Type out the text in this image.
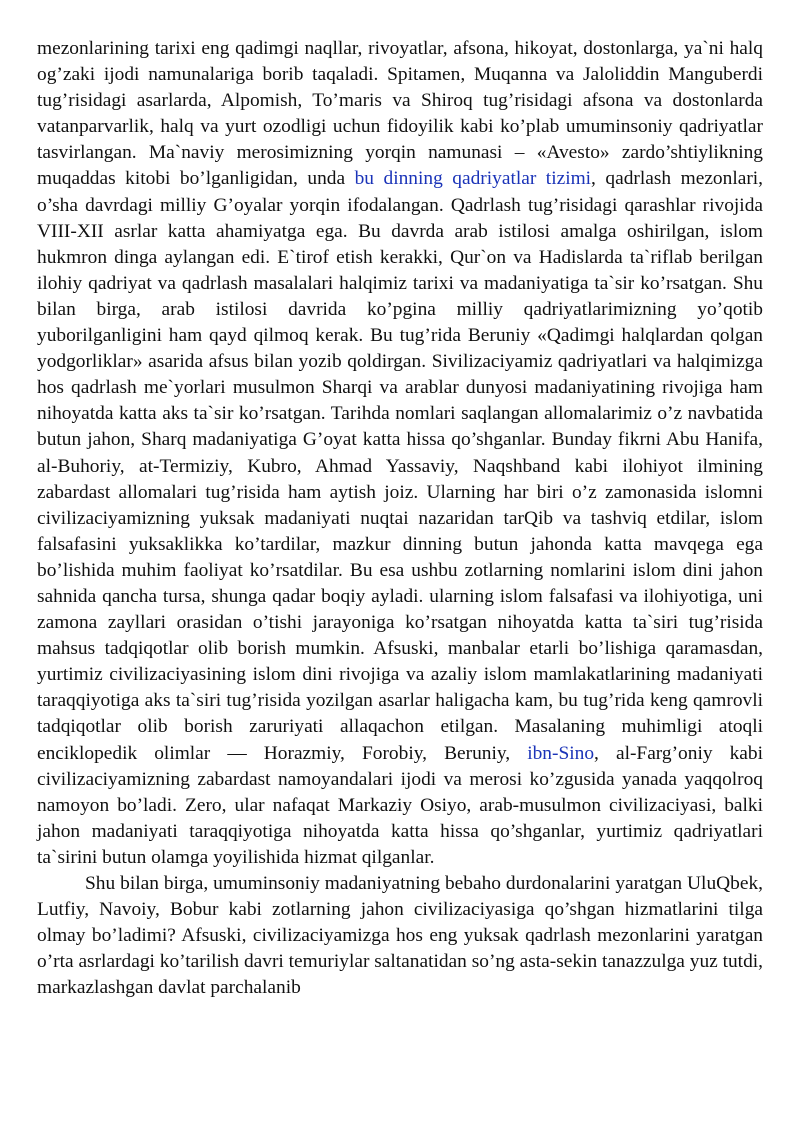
mezonlarining tarixi eng qadimgi naqllar, rivoyatlar, afsona, hikoyat, dostonlarga, ya`ni halq og’zaki ijodi namunalariga borib taqaladi. Spitamen, Muqanna va Jaloliddin Manguberdi tug’risidagi asarlarda, Alpomish, To’maris va Shiroq tug’risidagi afsona va dostonlarda vatanparvarlik, halq va yurt ozodligi uchun fidoyilik kabi ko’plab umuminsoniy qadriyatlar tasvirlangan. Ma`naviy merosimizning yorqin namunasi – «Avesto» zardo’shtiylikning muqaddas kitobi bo’lganligidan, unda bu dinning qadriyatlar tizimi, qadrlash mezonlari, o’sha davrdagi milliy G’oyalar yorqin ifodalangan. Qadrlash tug’risidagi qarashlar rivojida VIII-XII asrlar katta ahamiyatga ega. Bu davrda arab istilosi amalga oshirilgan, islom hukmron dinga aylangan edi. E`tirof etish kerakki, Qur`on va Hadislarda ta`riflab berilgan ilohiy qadriyat va qadrlash masalalari halqimiz tarixi va madaniyatiga ta`sir ko’rsatgan. Shu bilan birga, arab istilosi davrida ko’pgina milliy qadriyatlarimizning yo’qotib yuborilganligini ham qayd qilmoq kerak. Bu tug’rida Beruniy «Qadimgi halqlardan qolgan yodgorliklar» asarida afsus bilan yozib qoldirgan. Sivilizaciyamiz qadriyatlari va halqimizga hos qadrlash me`yorlari musulmon Sharqi va arablar dunyosi madaniyatining rivojiga ham nihoyatda katta aks ta`sir ko’rsatgan. Tarihda nomlari saqlangan allomalarimiz o’z navbatida butun jahon, Sharq madaniyatiga G’oyat katta hissa qo’shganlar. Bunday fikrni Abu Hanifa, al-Buhoriy, at-Termiziy, Kubro, Ahmad Yassaviy, Naqshband kabi ilohiyot ilmining zabardast allomalari tug’risida ham aytish joiz. Ularning har biri o’z zamonasida islomni civilizaciyamizning yuksak madaniyati nuqtai nazaridan tarQib va tashviq etdilar, islom falsafasini yuksaklikka ko’tardilar, mazkur dinning butun jahonda katta mavqega ega bo’lishida muhim faoliyat ko’rsatdilar. Bu esa ushbu zotlarning nomlarini islom dini jahon sahnida qancha tursa, shunga qadar boqiy ayladi. ularning islom falsafasi va ilohiyotiga, uni zamona zayllari orasidan o’tishi jarayoniga ko’rsatgan nihoyatda katta ta`siri tug’risida mahsus tadqiqotlar olib borish mumkin. Afsuski, manbalar etarli bo’lishiga qaramasdan, yurtimiz civilizaciyasining islom dini rivojiga va azaliy islom mamlakatlarining madaniyati taraqqiyotiga aks ta`siri tug’risida yozilgan asarlar haligacha kam, bu tug’rida keng qamrovli tadqiqotlar olib borish zaruriyati allaqachon etilgan. Masalaning muhimligi atoqli enciklopedik olimlar — Horazmiy, Forobiy, Beruniy, ibn-Sino, al-Farg’oniy kabi civilizaciyamizning zabardast namoyandalari ijodi va merosi ko’zgusida yanada yaqqolroq namoyon bo’ladi. Zero, ular nafaqat Markaziy Osiyo, arab-musulmon civilizaciyasi, balki jahon madaniyati taraqqiyotiga nihoyatda katta hissa qo’shganlar, yurtimiz qadriyatlari ta`sirini butun olamga yoyilishida hizmat qilganlar.

Shu bilan birga, umuminsoniy madaniyatning bebaho durdonalarini yaratgan UluQbek, Lutfiy, Navoiy, Bobur kabi zotlarning jahon civilizaciyasiga qo’shgan hizmatlarini tilga olmay bo’ladimi? Afsuski, civilizaciyamizga hos eng yuksak qadrlash mezonlarini yaratgan o’rta asrlardagi ko’tarilish davri temuriylar saltanatidan so’ng asta-sekin tanazzulga yuz tutdi, markazlashgan davlat parchalanib
